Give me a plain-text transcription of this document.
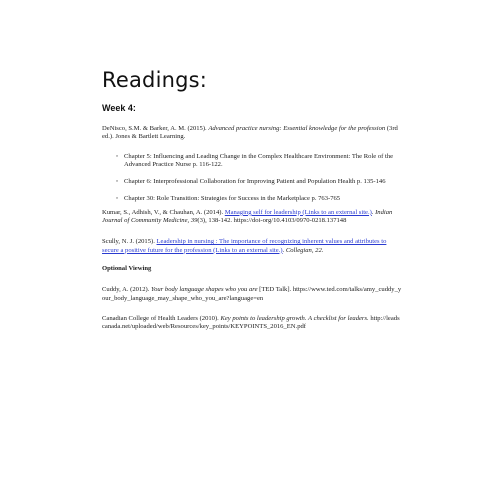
Readings:
Week 4:

DeNisco, S.M. & Barker, A. M. (2015). Advanced practice nursing: Essential knowledge for the profession (3rd ed.). Jones & Bartlett Learning.

◦ Chapter 5: Influencing and Leading Change in the Complex Healthcare Environment: The Role of the Advanced Practice Nurse p. 116-122.
◦ Chapter 6: Interprofessional Collaboration for Improving Patient and Population Health p. 135-146
◦ Chapter 30: Role Transition: Strategies for Success in the Marketplace p. 763-765

Kumar, S., Adhish, V., & Chauhan, A. (2014). Managing self for leadership (Links to an external site.). Indian Journal of Community Medicine, 39(3), 138-142. https://doi-org/10.4103/0970-0218.137148

Scully, N. J. (2015). Leadership in nursing : The importance of recognizing inherent values and attributes to secure a positive future for the profession (Links to an external site.). Collegian, 22.

Optional Viewing

Cuddy, A. (2012). Your body language shapes who you are [TED Talk]. https://www.ted.com/talks/amy_cuddy_your_body_language_may_shape_who_you_are?language=en

Canadian College of Health Leaders (2010). Key points to leadership growth. A checklist for leaders. http://leadscanada.net/uploaded/web/Resources/key_points/KEYPOINTS_2016_EN.pdf
